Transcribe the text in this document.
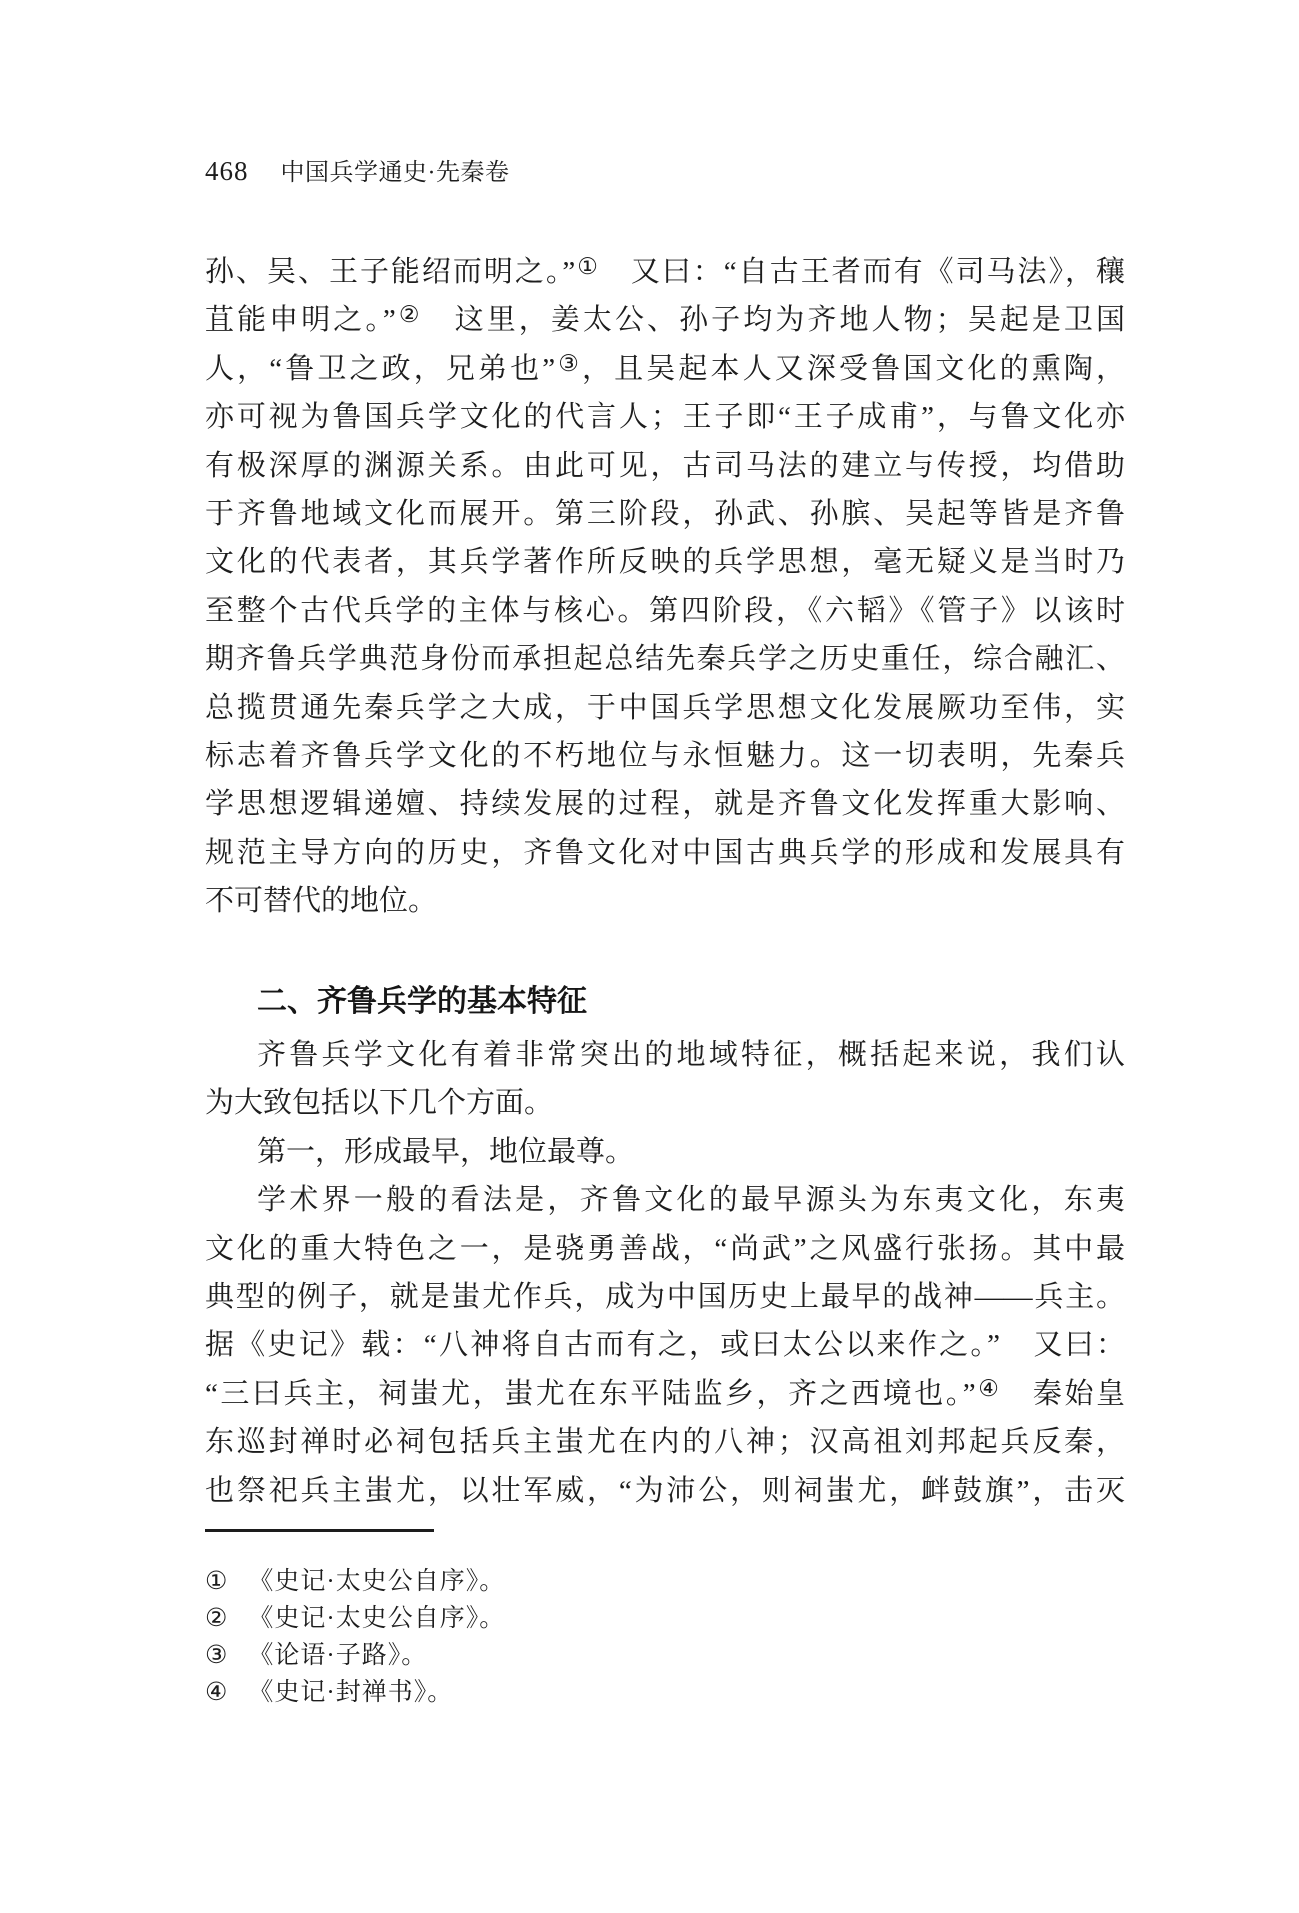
468 中国兵学通史·先秦卷
孙、吴、王子能绍而明之。”①　又曰：“自古王者而有《司马法》，穰
苴能申明之。”②　这里，姜太公、孙子均为齐地人物；吴起是卫国
人，“鲁卫之政，兄弟也”③，且吴起本人又深受鲁国文化的熏陶，
亦可视为鲁国兵学文化的代言人；王子即“王子成甫”，与鲁文化亦
有极深厚的渊源关系。由此可见，古司马法的建立与传授，均借助
于齐鲁地域文化而展开。第三阶段，孙武、孙膑、吴起等皆是齐鲁
文化的代表者，其兵学著作所反映的兵学思想，毫无疑义是当时乃
至整个古代兵学的主体与核心。第四阶段，《六韬》《管子》以该时
期齐鲁兵学典范身份而承担起总结先秦兵学之历史重任，综合融汇、
总揽贯通先秦兵学之大成，于中国兵学思想文化发展厥功至伟，实
标志着齐鲁兵学文化的不朽地位与永恒魅力。这一切表明，先秦兵
学思想逻辑递嬗、持续发展的过程，就是齐鲁文化发挥重大影响、
规范主导方向的历史，齐鲁文化对中国古典兵学的形成和发展具有
不可替代的地位。
二、齐鲁兵学的基本特征
齐鲁兵学文化有着非常突出的地域特征，概括起来说，我们认
为大致包括以下几个方面。
第一，形成最早，地位最尊。
学术界一般的看法是，齐鲁文化的最早源头为东夷文化，东夷
文化的重大特色之一，是骁勇善战，“尚武”之风盛行张扬。其中最
典型的例子，就是蚩尤作兵，成为中国历史上最早的战神——兵主。
据《史记》载：“八神将自古而有之，或曰太公以来作之。”　又曰：
“三曰兵主，祠蚩尤，蚩尤在东平陆监乡，齐之西境也。”④　秦始皇
东巡封禅时必祠包括兵主蚩尤在内的八神；汉高祖刘邦起兵反秦，
也祭祀兵主蚩尤，以壮军威，“为沛公，则祠蚩尤，衅鼓旗”，击灭
① 《史记·太史公自序》。
② 《史记·太史公自序》。
③ 《论语·子路》。
④ 《史记·封禅书》。
